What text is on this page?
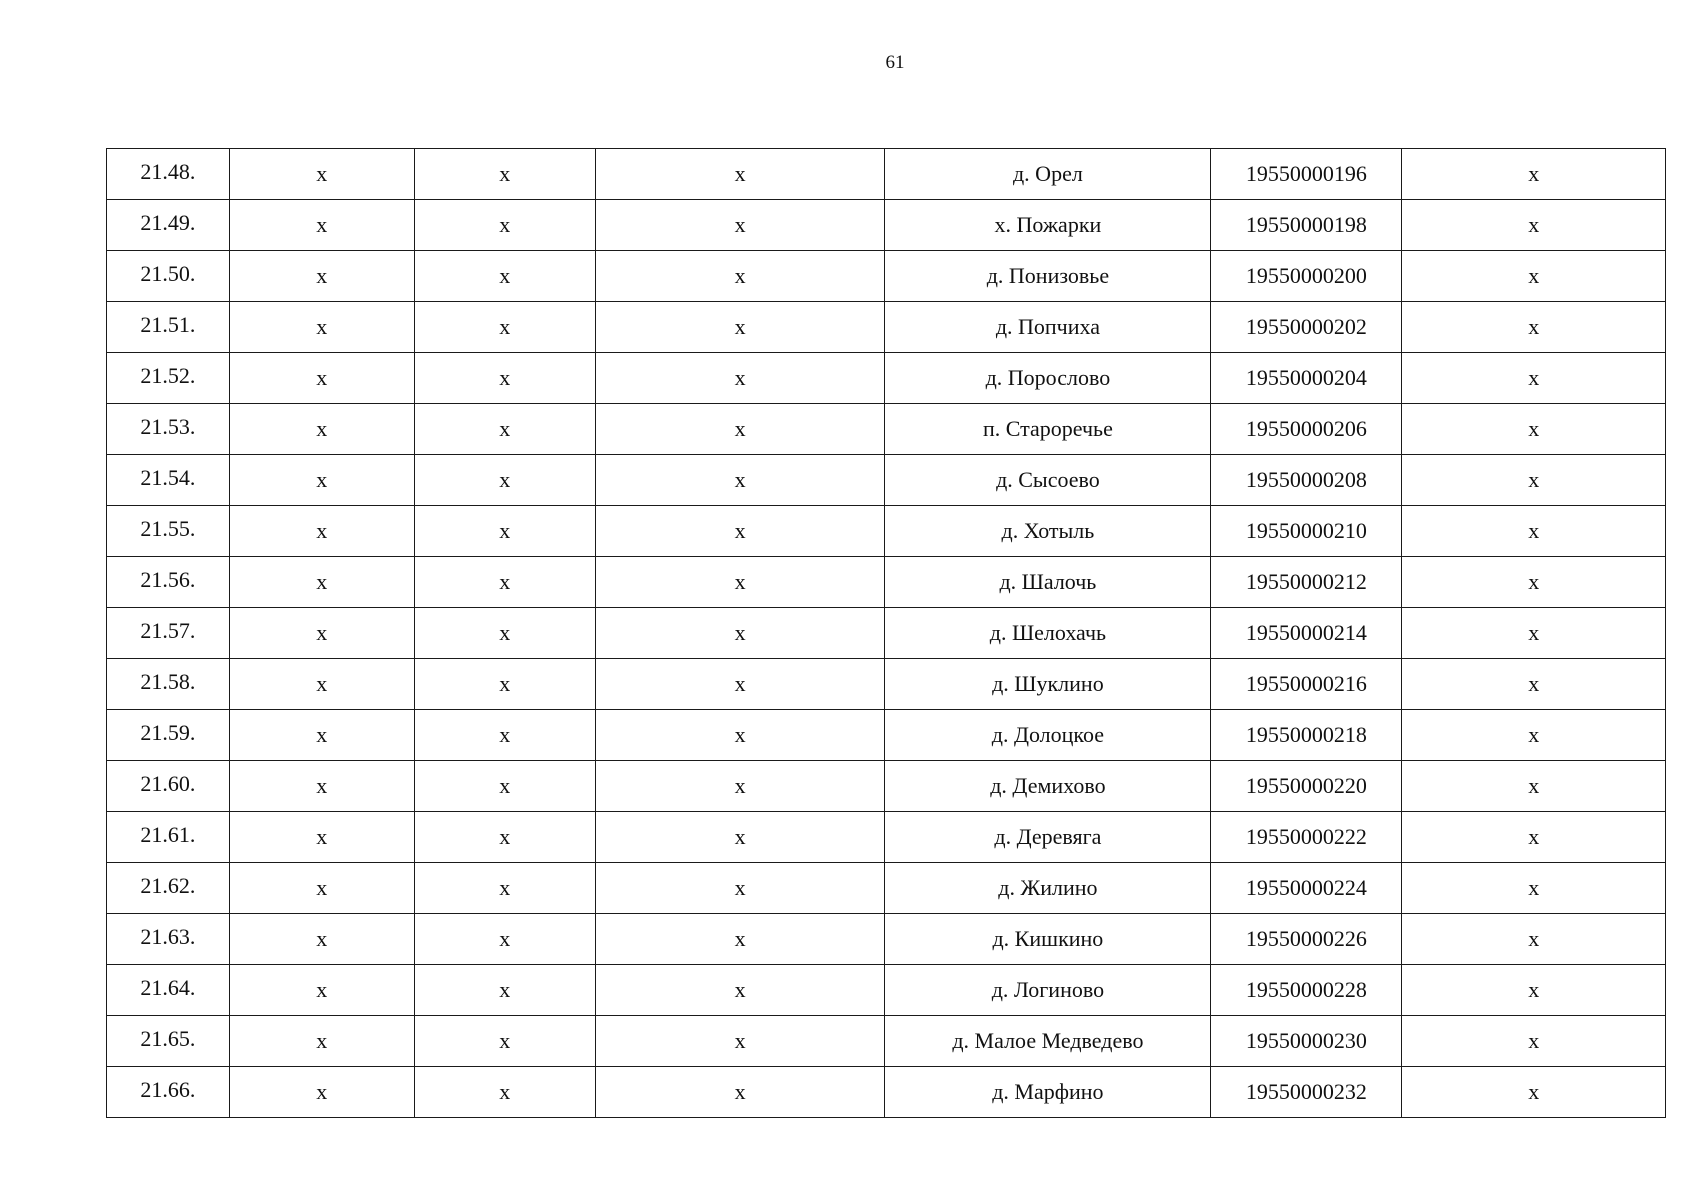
61
21.48.	х	х	х	д. Орел	19550000196	х
21.49.	х	х	х	х. Пожарки	19550000198	х
21.50.	х	х	х	д. Понизовье	19550000200	х
21.51.	х	х	х	д. Попчиха	19550000202	х
21.52.	х	х	х	д. Порослово	19550000204	х
21.53.	х	х	х	п. Староречье	19550000206	х
21.54.	х	х	х	д. Сысоево	19550000208	х
21.55.	х	х	х	д. Хотыль	19550000210	х
21.56.	х	х	х	д. Шалочь	19550000212	х
21.57.	х	х	х	д. Шелохачь	19550000214	х
21.58.	х	х	х	д. Шуклино	19550000216	х
21.59.	х	х	х	д. Долоцкое	19550000218	х
21.60.	х	х	х	д. Демихово	19550000220	х
21.61.	х	х	х	д. Деревяга	19550000222	х
21.62.	х	х	х	д. Жилино	19550000224	х
21.63.	х	х	х	д. Кишкино	19550000226	х
21.64.	х	х	х	д. Логиново	19550000228	х
21.65.	х	х	х	д. Малое Медведево	19550000230	х
21.66.	х	х	х	д. Марфино	19550000232	х
